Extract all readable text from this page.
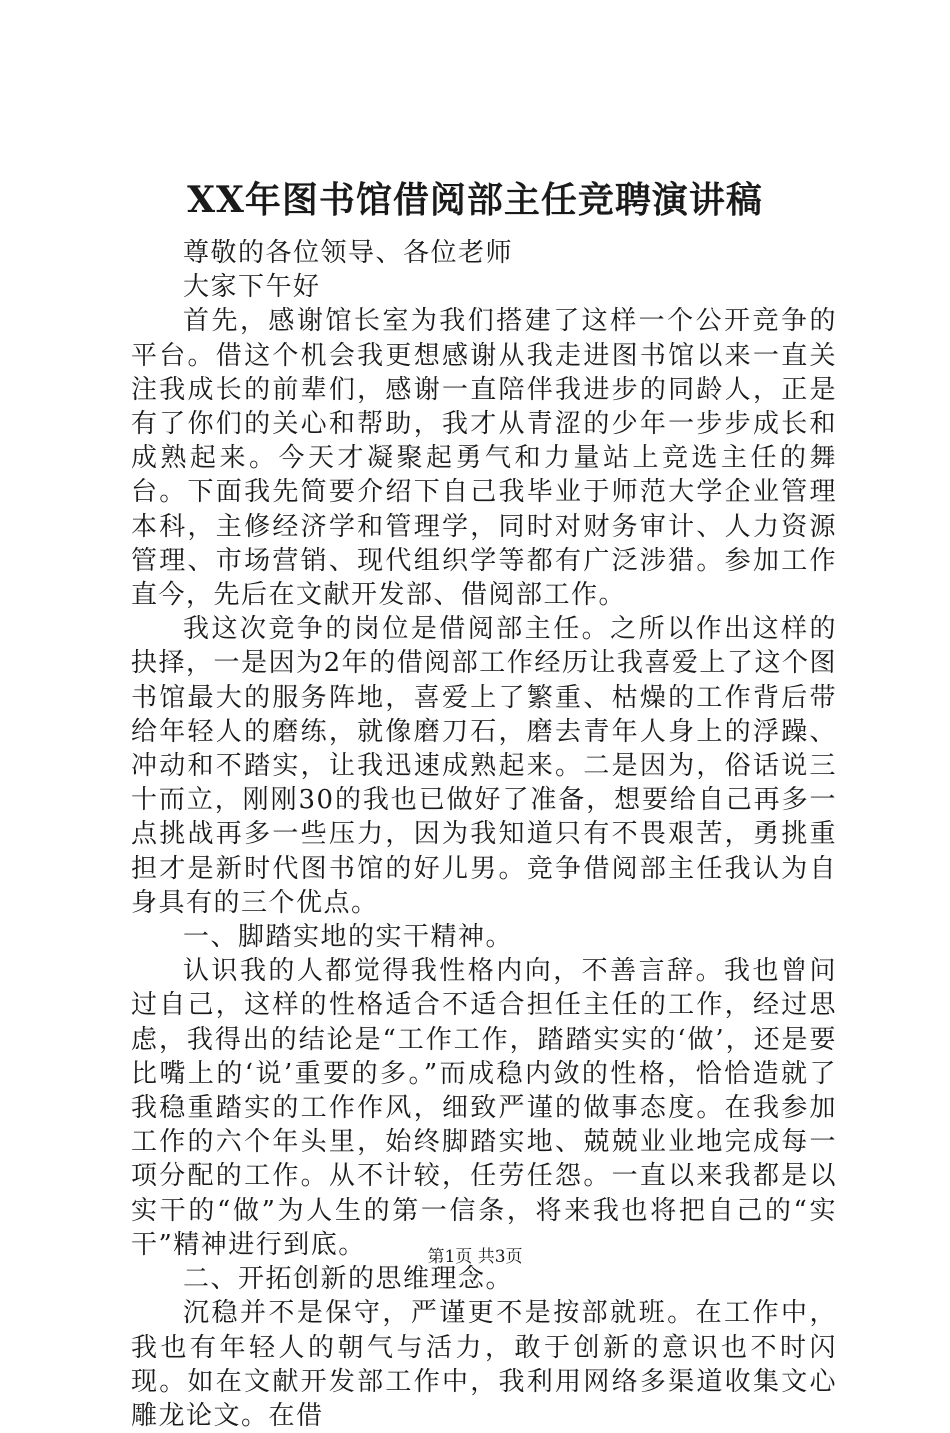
XX年图书馆借阅部主任竞聘演讲稿

尊敬的各位领导、各位老师

大家下午好

首先，感谢馆长室为我们搭建了这样一个公开竞争的平台。借这个机会我更想感谢从我走进图书馆以来一直关注我成长的前辈们，感谢一直陪伴我进步的同龄人，正是有了你们的关心和帮助，我才从青涩的少年一步步成长和成熟起来。今天才凝聚起勇气和力量站上竞选主任的舞台。下面我先简要介绍下自己我毕业于师范大学企业管理本科，主修经济学和管理学，同时对财务审计、人力资源管理、市场营销、现代组织学等都有广泛涉猎。参加工作直今，先后在文献开发部、借阅部工作。

我这次竞争的岗位是借阅部主任。之所以作出这样的抉择，一是因为2年的借阅部工作经历让我喜爱上了这个图书馆最大的服务阵地，喜爱上了繁重、枯燥的工作背后带给年轻人的磨练，就像磨刀石，磨去青年人身上的浮躁、冲动和不踏实，让我迅速成熟起来。二是因为，俗话说三十而立，刚刚30的我也已做好了准备，想要给自己再多一点挑战再多一些压力，因为我知道只有不畏艰苦，勇挑重担才是新时代图书馆的好儿男。竞争借阅部主任我认为自身具有的三个优点。

一、脚踏实地的实干精神。

认识我的人都觉得我性格内向，不善言辞。我也曾问过自己，这样的性格适合不适合担任主任的工作，经过思虑，我得出的结论是“工作工作，踏踏实实的‘做’，还是要比嘴上的‘说’重要的多。”而成稳内敛的性格，恰恰造就了我稳重踏实的工作作风，细致严谨的做事态度。在我参加工作的六个年头里，始终脚踏实地、兢兢业业地完成每一项分配的工作。从不计较，任劳任怨。一直以来我都是以实干的“做”为人生的第一信条，将来我也将把自己的“实干”精神进行到底。

二、开拓创新的思维理念。

沉稳并不是保守，严谨更不是按部就班。在工作中，我也有年轻人的朝气与活力，敢于创新的意识也不时闪现。如在文献开发部工作中，我利用网络多渠道收集文心雕龙论文。在借

第1页 共3页
